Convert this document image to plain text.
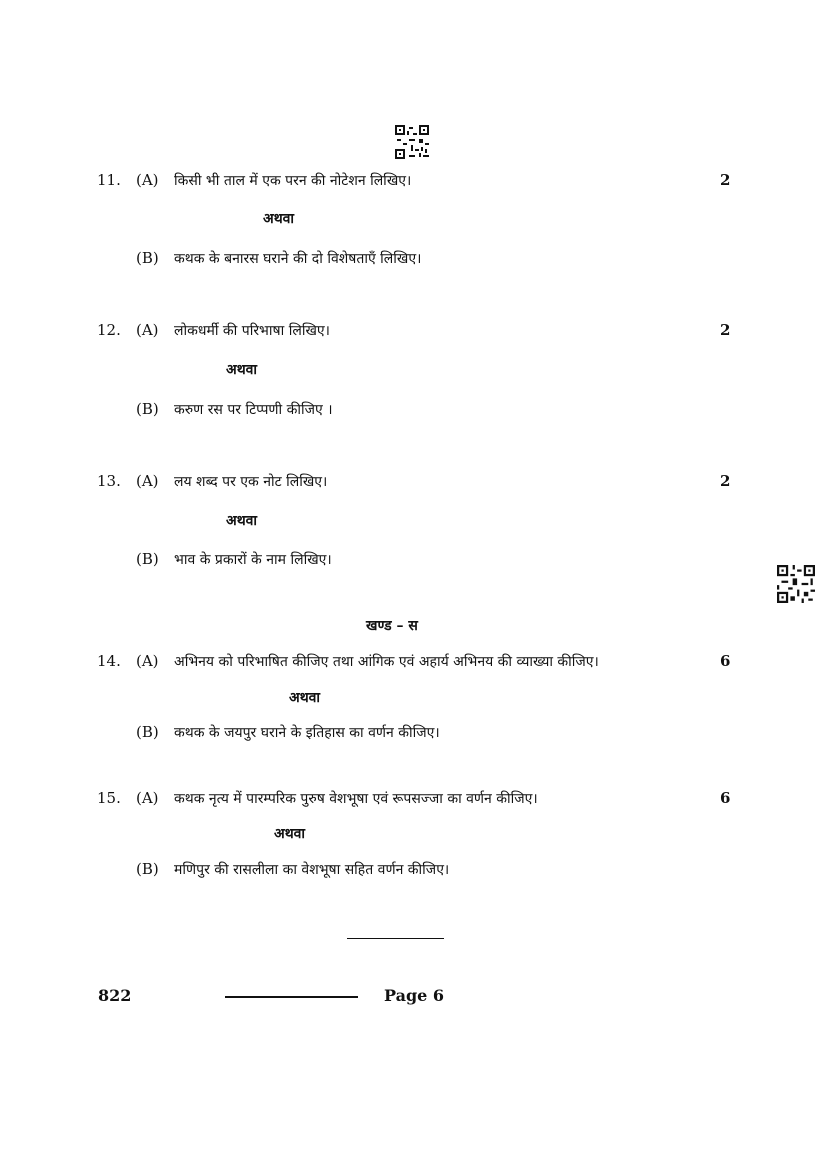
11. (A) किसी भी ताल में एक परन की नोटेशन लिखिए।	2
अथवा
(B) कथक के बनारस घराने की दो विशेषताएँ लिखिए।
12. (A) लोकधर्मी की परिभाषा लिखिए।	2
अथवा
(B) करुण रस पर टिप्पणी कीजिए ।
13. (A) लय शब्द पर एक नोट लिखिए।	2
अथवा
(B) भाव के प्रकारों के नाम लिखिए।
खण्ड – स
14. (A) अभिनय को परिभाषित कीजिए तथा आंगिक एवं अहार्य अभिनय की व्याख्या कीजिए।	6
अथवा
(B) कथक के जयपुर घराने के इतिहास का वर्णन कीजिए।
15. (A) कथक नृत्य में पारम्परिक पुरुष वेशभूषा एवं रूपसज्जा का वर्णन कीजिए।	6
अथवा
(B) मणिपुर की रासलीला का वेशभूषा सहित वर्णन कीजिए।
822	Page 6
